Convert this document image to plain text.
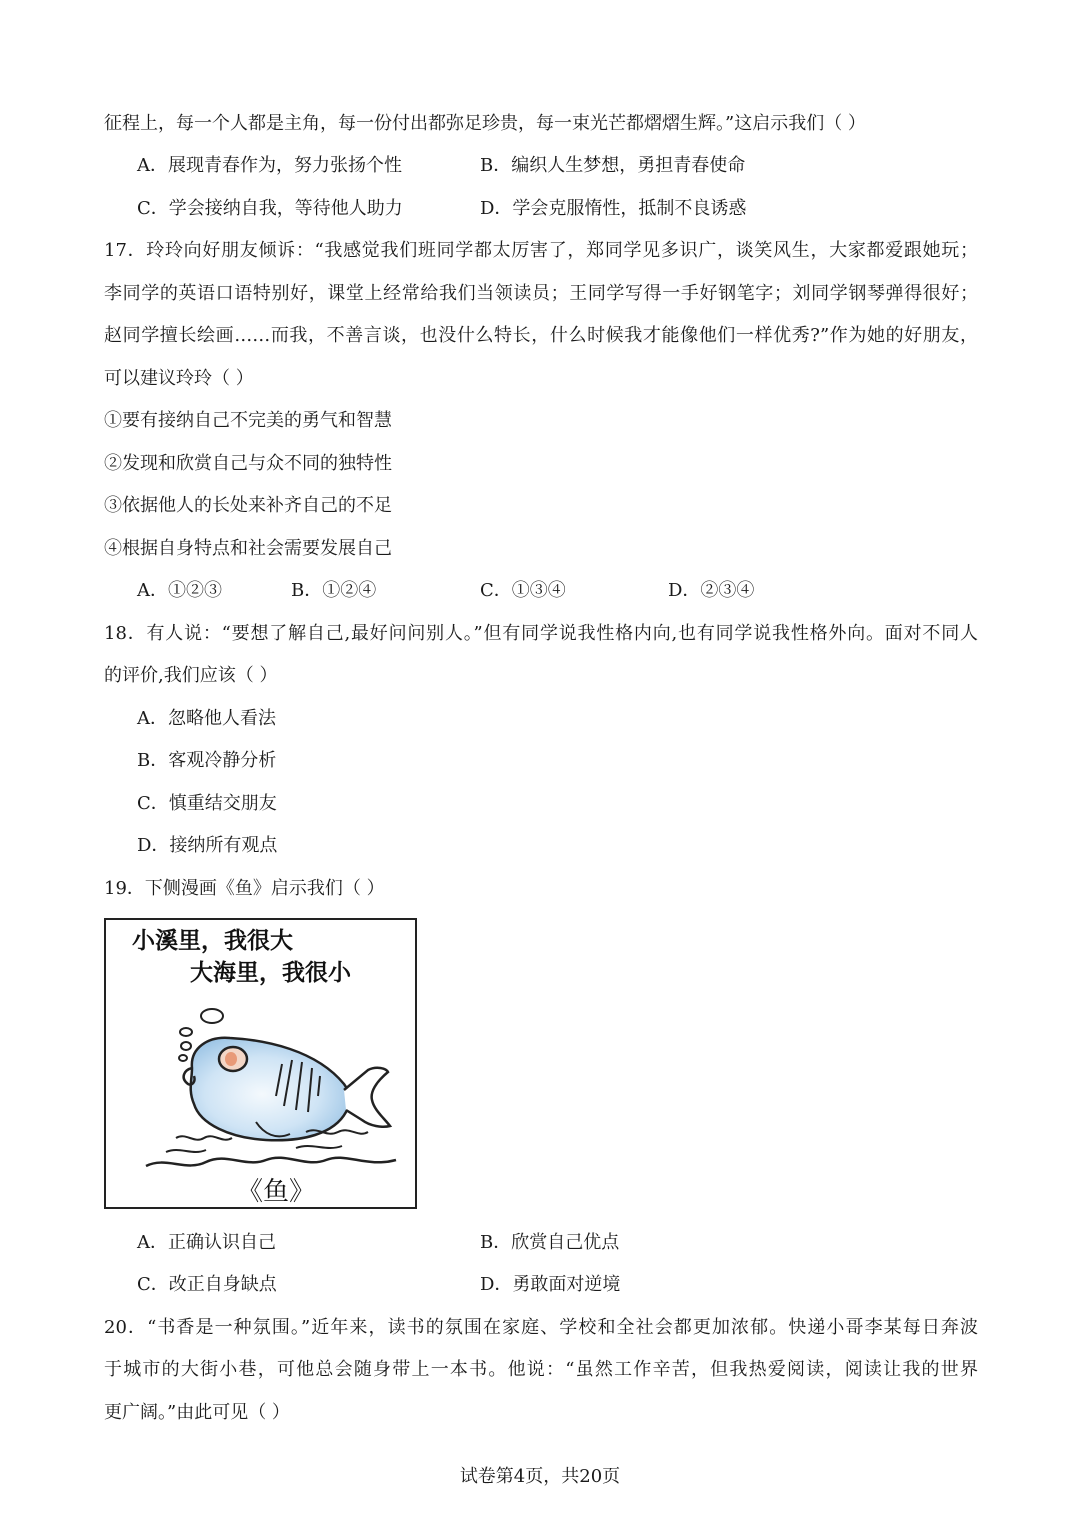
征程上，每一个人都是主角，每一份付出都弥足珍贵，每一束光芒都熠熠生辉。”这启示我们（ ）
A．展现青春作为，努力张扬个性	B．编织人生梦想，勇担青春使命
C．学会接纳自我，等待他人助力	D．学会克服惰性，抵制不良诱惑
17．玲玲向好朋友倾诉：“我感觉我们班同学都太厉害了，郑同学见多识广，谈笑风生，大家都爱跟她玩；
李同学的英语口语特别好，课堂上经常给我们当领读员；王同学写得一手好钢笔字；刘同学钢琴弹得很好；
赵同学擅长绘画……而我，不善言谈，也没什么特长，什么时候我才能像他们一样优秀?”作为她的好朋友，
可以建议玲玲（ ）
①要有接纳自己不完美的勇气和智慧
②发现和欣赏自己与众不同的独特性
③依据他人的长处来补齐自己的不足
④根据自身特点和社会需要发展自己
A．①②③	B．①②④	C．①③④	D．②③④
18．有人说：“要想了解自己,最好问问别人。”但有同学说我性格内向,也有同学说我性格外向。面对不同人
的评价,我们应该（ ）
A．忽略他人看法
B．客观冷静分析
C．慎重结交朋友
D．接纳所有观点
19．下侧漫画《鱼》启示我们（ ）
小溪里，我很大
大海里，我很小
《鱼》
A．正确认识自己	B．欣赏自己优点
C．改正自身缺点	D．勇敢面对逆境
20．“书香是一种氛围。”近年来，读书的氛围在家庭、学校和全社会都更加浓郁。快递小哥李某每日奔波
于城市的大街小巷，可他总会随身带上一本书。他说：“虽然工作辛苦，但我热爱阅读，阅读让我的世界
更广阔。”由此可见（ ）
试卷第4页，共20页
